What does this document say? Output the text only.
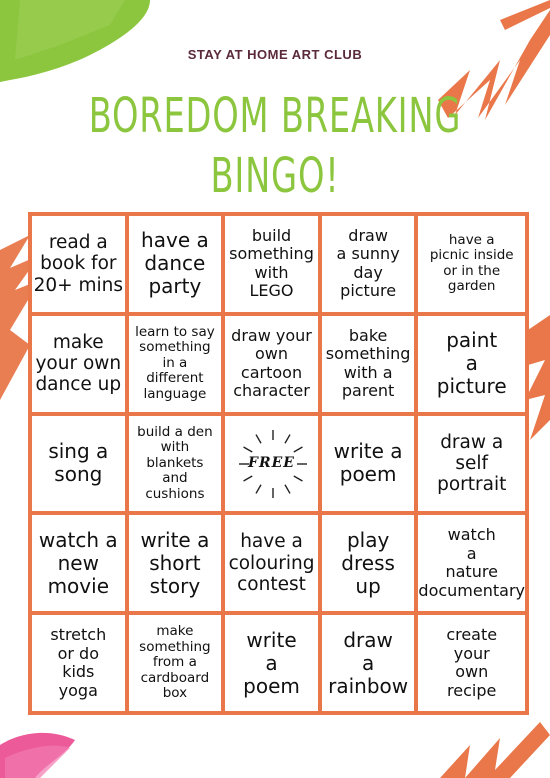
STAY AT HOME ART CLUB
BOREDOM BREAKING
BINGO!
read a
book for
20+ mins
have a
dance
party
build
something
with
LEGO
draw
a sunny
day
picture
have a
picnic inside
or in the
garden
make
your own
dance up
learn to say
something
in a
different
language
draw your
own
cartoon
character
bake
something
with a
parent
paint
a
picture
sing a
song
build a den
with
blankets
and
cushions
FREE write a
poem
draw a
self
portrait
watch a
new
movie
write a
short
story
have a
colouring
contest
play
dress
up
watch
a
nature
documentary
stretch
or do
kids
yoga
make
something
from a
cardboard
box
write
a
poem
draw
a
rainbow
create
your
own
recipe
